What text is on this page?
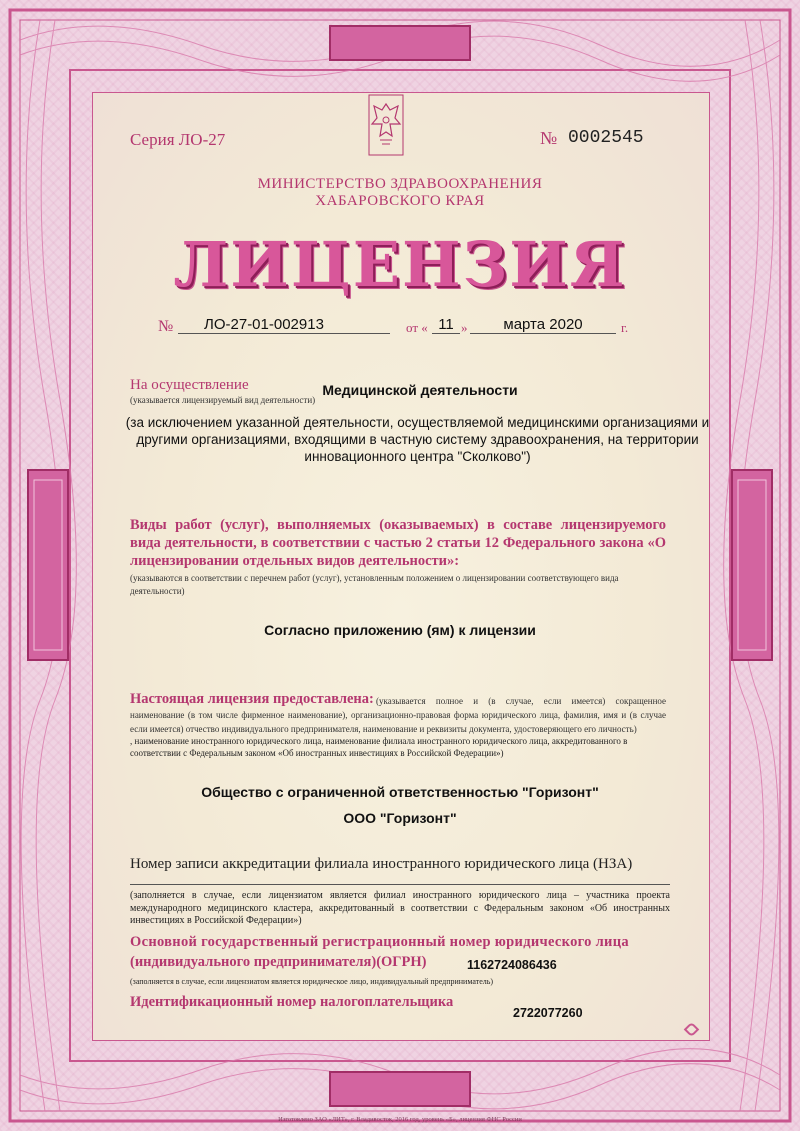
Серия ЛО-27	№ 0002545
МИНИСТЕРСТВО ЗДРАВООХРАНЕНИЯ
ХАБАРОВСКОГО КРАЯ
ЛИЦЕНЗИЯ
№	ЛО-27-01-002913	от « 11 »	марта 2020	г.
На осуществление
(указывается лицензируемый вид деятельности)
Медицинской деятельности
(за исключением указанной деятельности, осуществляемой медицинскими организациями и другими организациями, входящими в частную систему здравоохранения, на территории инновационного центра "Сколково")
Виды работ (услуг), выполняемых (оказываемых) в составе лицензируемого вида деятельности, в соответствии с частью 2 статьи 12 Федерального закона «О лицензировании отдельных видов деятельности»:
(указываются в соответствии с перечнем работ (услуг), установленным положением о лицензировании соответствующего вида деятельности)
Согласно приложению (ям) к лицензии
Настоящая лицензия предоставлена: (указывается полное и (в случае, если имеется) сокращенное наименование (в том числе фирменное наименование), организационно-правовая форма юридического лица, фамилия, имя и (в случае если имеется) отчество индивидуального предпринимателя, наименование и реквизиты документа, удостоверяющего его личность)
, наименование иностранного юридического лица, наименование филиала иностранного юридического лица, аккредитованного в соответствии с Федеральным законом «Об иностранных инвестициях в Российской Федерации»)
Общество с ограниченной ответственностью "Горизонт"
ООО "Горизонт"
Номер записи аккредитации филиала иностранного юридического лица (НЗА)
(заполняется в случае, если лицензиатом является филиал иностранного юридического лица – участника проекта международного медицинского кластера, аккредитованный в соответствии с Федеральным законом «Об иностранных инвестициях в Российской Федерации»)
Основной государственный регистрационный номер юридического лица
(индивидуального предпринимателя)(ОГРН)	1162724086436
(заполняется в случае, если лицензиатом является юридическое лицо, индивидуальный предприниматель)
Идентификационный номер налогоплательщика
2722077260
Изготовлено ЗАО «ЛИТ», г. Владивосток, 2016 год, уровень «Б», лицензия ФНС России
